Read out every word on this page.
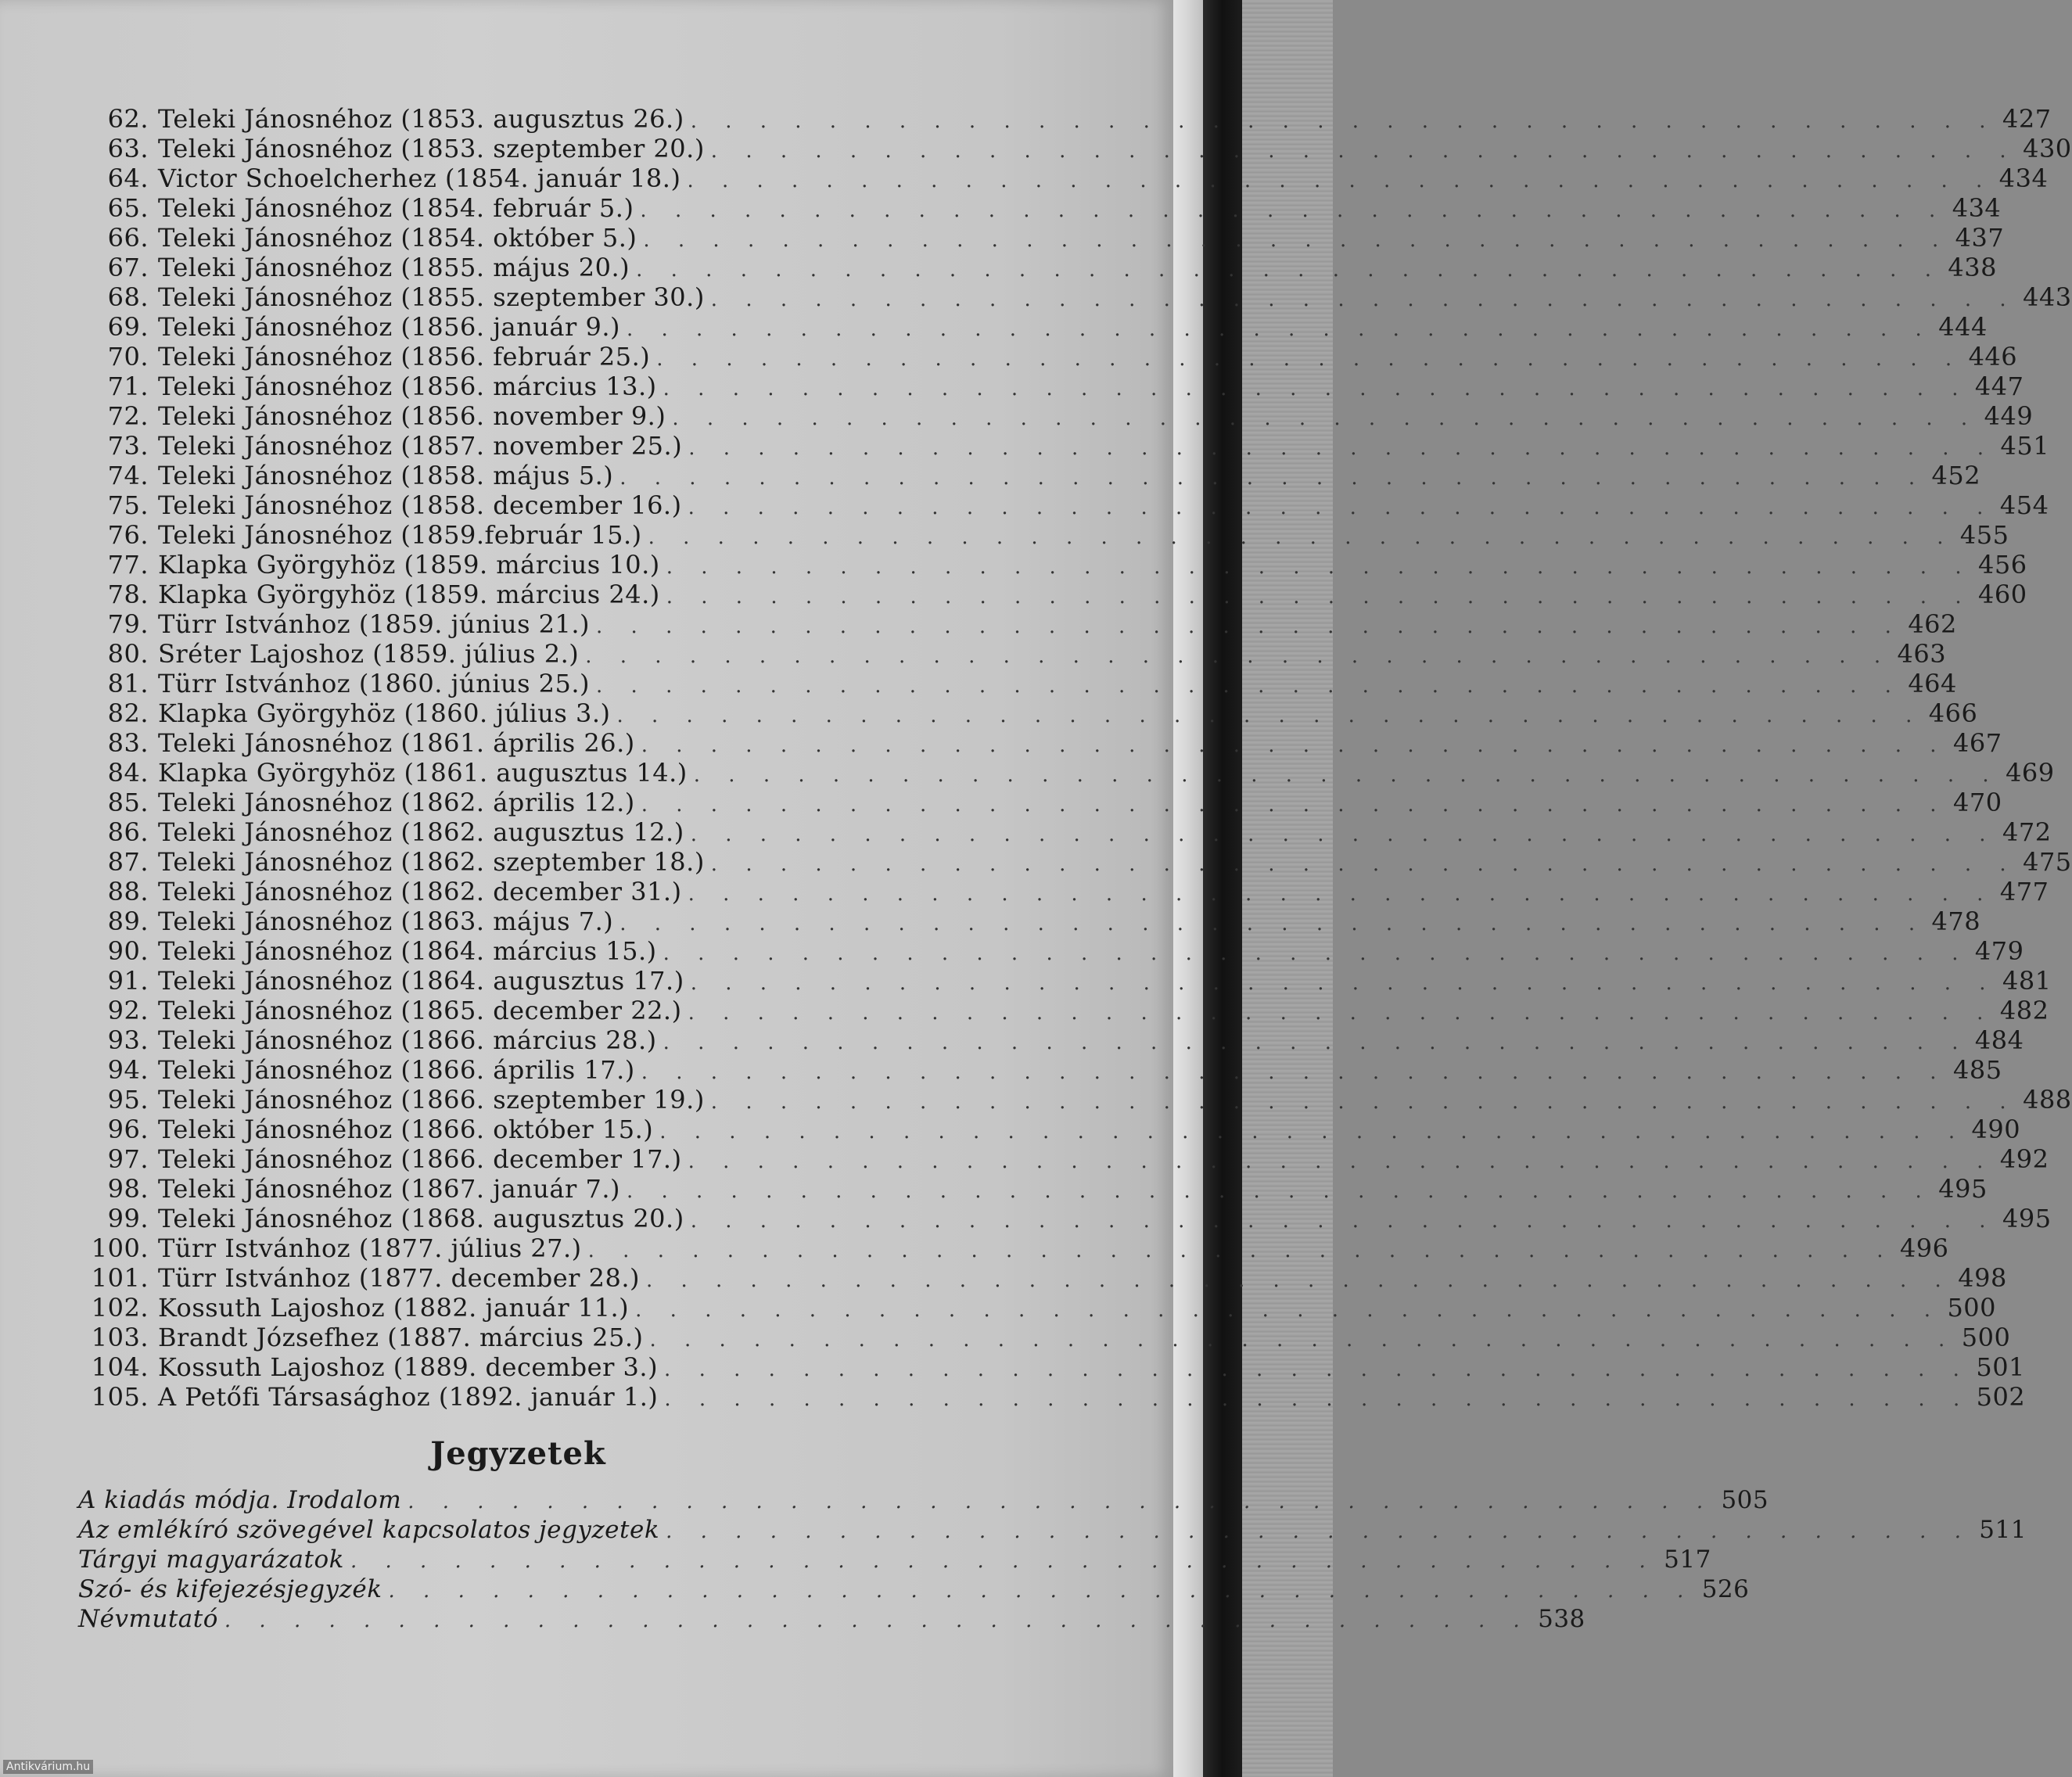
62. Teleki Jánosnéhoz (1853. augusztus 26.) . . . . . . . . . . . . . . . . . . . . . . . . . . . . . . . . . . . . . . 427
63. Teleki Jánosnéhoz (1853. szeptember 20.) . . . . . . . . . . . . . . . . . . . . . . . . . . . . . . . . . . . . . . 430
64. Victor Schoelcherhez (1854. január 18.) . . . . . . . . . . . . . . . . . . . . . . . . . . . . . . . . . . . . . . 434
65. Teleki Jánosnéhoz (1854. február 5.) . . . . . . . . . . . . . . . . . . . . . . . . . . . . . . . . . . . . . . 434
66. Teleki Jánosnéhoz (1854. október 5.) . . . . . . . . . . . . . . . . . . . . . . . . . . . . . . . . . . . . . . 437
67. Teleki Jánosnéhoz (1855. május 20.) . . . . . . . . . . . . . . . . . . . . . . . . . . . . . . . . . . . . . . 438
68. Teleki Jánosnéhoz (1855. szeptember 30.) . . . . . . . . . . . . . . . . . . . . . . . . . . . . . . . . . . . . . . 443
69. Teleki Jánosnéhoz (1856. január 9.) . . . . . . . . . . . . . . . . . . . . . . . . . . . . . . . . . . . . . . 444
70. Teleki Jánosnéhoz (1856. február 25.) . . . . . . . . . . . . . . . . . . . . . . . . . . . . . . . . . . . . . . 446
71. Teleki Jánosnéhoz (1856. március 13.) . . . . . . . . . . . . . . . . . . . . . . . . . . . . . . . . . . . . . . 447
72. Teleki Jánosnéhoz (1856. november 9.) . . . . . . . . . . . . . . . . . . . . . . . . . . . . . . . . . . . . . . 449
73. Teleki Jánosnéhoz (1857. november 25.) . . . . . . . . . . . . . . . . . . . . . . . . . . . . . . . . . . . . . . 451
74. Teleki Jánosnéhoz (1858. május 5.) . . . . . . . . . . . . . . . . . . . . . . . . . . . . . . . . . . . . . . 452
75. Teleki Jánosnéhoz (1858. december 16.) . . . . . . . . . . . . . . . . . . . . . . . . . . . . . . . . . . . . . . 454
76. Teleki Jánosnéhoz (1859.február 15.) . . . . . . . . . . . . . . . . . . . . . . . . . . . . . . . . . . . . . . 455
77. Klapka Györgyhöz (1859. március 10.) . . . . . . . . . . . . . . . . . . . . . . . . . . . . . . . . . . . . . . 456
78. Klapka Györgyhöz (1859. március 24.) . . . . . . . . . . . . . . . . . . . . . . . . . . . . . . . . . . . . . . 460
79. Türr Istvánhoz (1859. június 21.) . . . . . . . . . . . . . . . . . . . . . . . . . . . . . . . . . . . . . . 462
80. Sréter Lajoshoz (1859. július 2.) . . . . . . . . . . . . . . . . . . . . . . . . . . . . . . . . . . . . . . 463
81. Türr Istvánhoz (1860. június 25.) . . . . . . . . . . . . . . . . . . . . . . . . . . . . . . . . . . . . . . 464
82. Klapka Györgyhöz (1860. július 3.) . . . . . . . . . . . . . . . . . . . . . . . . . . . . . . . . . . . . . . 466
83. Teleki Jánosnéhoz (1861. április 26.) . . . . . . . . . . . . . . . . . . . . . . . . . . . . . . . . . . . . . . 467
84. Klapka Györgyhöz (1861. augusztus 14.) . . . . . . . . . . . . . . . . . . . . . . . . . . . . . . . . . . . . . . 469
85. Teleki Jánosnéhoz (1862. április 12.) . . . . . . . . . . . . . . . . . . . . . . . . . . . . . . . . . . . . . . 470
86. Teleki Jánosnéhoz (1862. augusztus 12.) . . . . . . . . . . . . . . . . . . . . . . . . . . . . . . . . . . . . . . 472
87. Teleki Jánosnéhoz (1862. szeptember 18.) . . . . . . . . . . . . . . . . . . . . . . . . . . . . . . . . . . . . . . 475
88. Teleki Jánosnéhoz (1862. december 31.) . . . . . . . . . . . . . . . . . . . . . . . . . . . . . . . . . . . . . . 477
89. Teleki Jánosnéhoz (1863. május 7.) . . . . . . . . . . . . . . . . . . . . . . . . . . . . . . . . . . . . . . 478
90. Teleki Jánosnéhoz (1864. március 15.) . . . . . . . . . . . . . . . . . . . . . . . . . . . . . . . . . . . . . . 479
91. Teleki Jánosnéhoz (1864. augusztus 17.) . . . . . . . . . . . . . . . . . . . . . . . . . . . . . . . . . . . . . . 481
92. Teleki Jánosnéhoz (1865. december 22.) . . . . . . . . . . . . . . . . . . . . . . . . . . . . . . . . . . . . . . 482
93. Teleki Jánosnéhoz (1866. március 28.) . . . . . . . . . . . . . . . . . . . . . . . . . . . . . . . . . . . . . . 484
94. Teleki Jánosnéhoz (1866. április 17.) . . . . . . . . . . . . . . . . . . . . . . . . . . . . . . . . . . . . . . 485
95. Teleki Jánosnéhoz (1866. szeptember 19.) . . . . . . . . . . . . . . . . . . . . . . . . . . . . . . . . . . . . . . 488
96. Teleki Jánosnéhoz (1866. október 15.) . . . . . . . . . . . . . . . . . . . . . . . . . . . . . . . . . . . . . . 490
97. Teleki Jánosnéhoz (1866. december 17.) . . . . . . . . . . . . . . . . . . . . . . . . . . . . . . . . . . . . . . 492
98. Teleki Jánosnéhoz (1867. január 7.) . . . . . . . . . . . . . . . . . . . . . . . . . . . . . . . . . . . . . . 495
99. Teleki Jánosnéhoz (1868. augusztus 20.) . . . . . . . . . . . . . . . . . . . . . . . . . . . . . . . . . . . . . . 495
100. Türr Istvánhoz (1877. július 27.) . . . . . . . . . . . . . . . . . . . . . . . . . . . . . . . . . . . . . . 496
101. Türr Istvánhoz (1877. december 28.) . . . . . . . . . . . . . . . . . . . . . . . . . . . . . . . . . . . . . . 498
102. Kossuth Lajoshoz (1882. január 11.) . . . . . . . . . . . . . . . . . . . . . . . . . . . . . . . . . . . . . . 500
103. Brandt Józsefhez (1887. március 25.) . . . . . . . . . . . . . . . . . . . . . . . . . . . . . . . . . . . . . . 500
104. Kossuth Lajoshoz (1889. december 3.) . . . . . . . . . . . . . . . . . . . . . . . . . . . . . . . . . . . . . . 501
105. A Petőfi Társasághoz (1892. január 1.) . . . . . . . . . . . . . . . . . . . . . . . . . . . . . . . . . . . . . . 502
Jegyzetek
A kiadás módja. Irodalom . . . . . . . . . . . . . . . . . . . . . . . . . . . . . . . . . . . . . . 505
Az emlékíró szövegével kapcsolatos jegyzetek . . . . . . . . . . . . . . . . . . . . . . . . . . . . . . . . . . . . . . 511
Tárgyi magyarázatok . . . . . . . . . . . . . . . . . . . . . . . . . . . . . . . . . . . . . . 517
Szó- és kifejezésjegyzék . . . . . . . . . . . . . . . . . . . . . . . . . . . . . . . . . . . . . . 526
Névmutató . . . . . . . . . . . . . . . . . . . . . . . . . . . . . . . . . . . . . . 538
Antikvárium.hu
